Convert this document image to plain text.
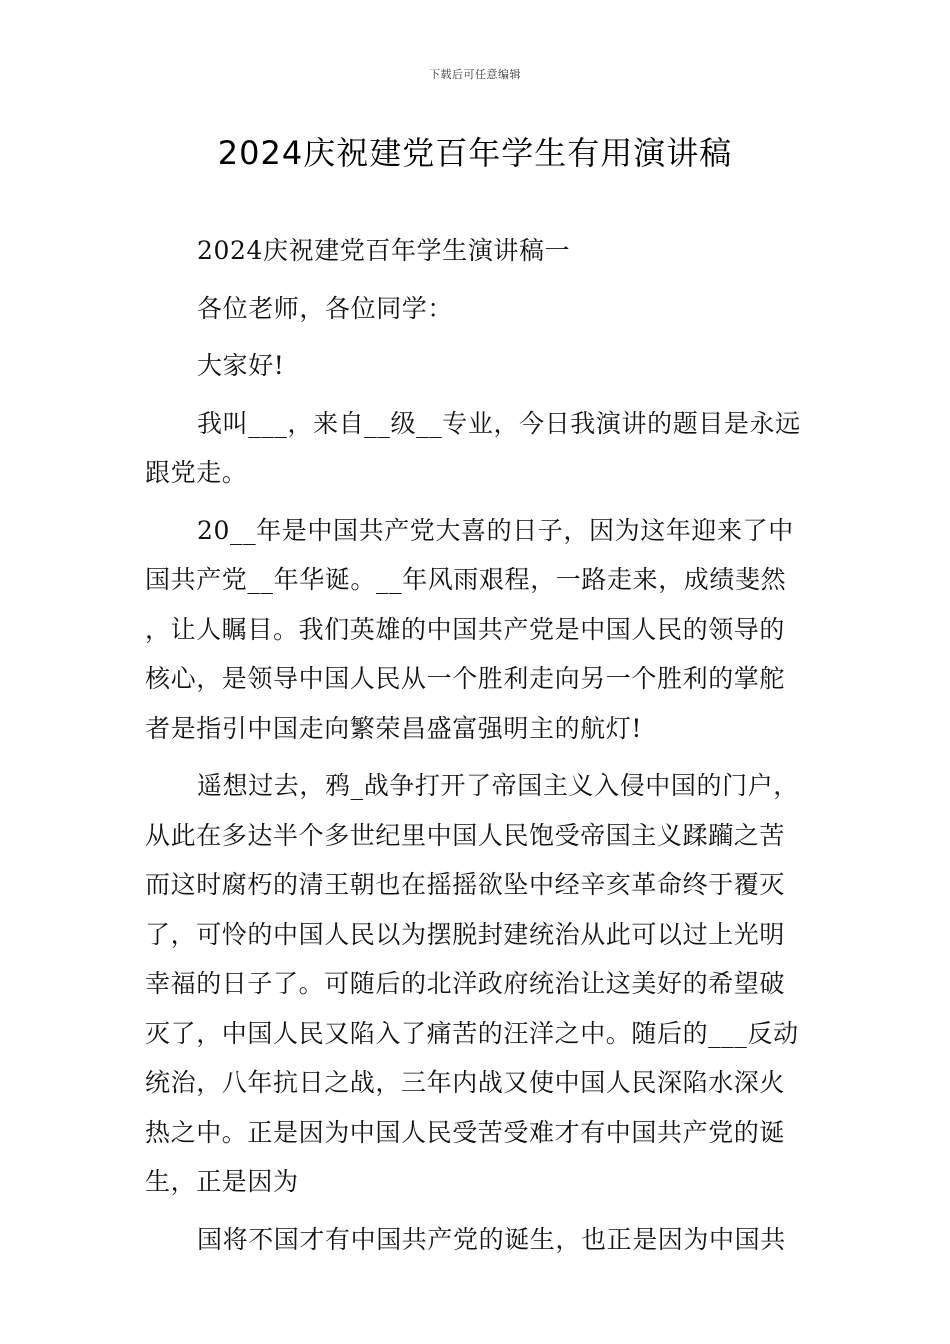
下载后可任意编辑
2024庆祝建党百年学生有用演讲稿

2024庆祝建党百年学生演讲稿一

各位老师，各位同学：

大家好!

我叫___，来自__级__专业，今日我演讲的题目是永远跟党走。

20__年是中国共产党大喜的日子，因为这年迎来了中国共产党__年华诞。__年风雨艰程，一路走来，成绩斐然，让人瞩目。我们英雄的中国共产党是中国人民的领导的核心，是领导中国人民从一个胜利走向另一个胜利的掌舵者是指引中国走向繁荣昌盛富强明主的航灯!

遥想过去，鸦_战争打开了帝国主义入侵中国的门户，从此在多达半个多世纪里中国人民饱受帝国主义蹂躏之苦而这时腐朽的清王朝也在摇摇欲坠中经辛亥革命终于覆灭了，可怜的中国人民以为摆脱封建统治从此可以过上光明幸福的日子了。可随后的北洋政府统治让这美好的希望破灭了，中国人民又陷入了痛苦的汪洋之中。随后的___反动统治，八年抗日之战，三年内战又使中国人民深陷水深火热之中。正是因为中国人民受苦受难才有中国共产党的诞生，正是因为

国将不国才有中国共产党的诞生，也正是因为中国共
